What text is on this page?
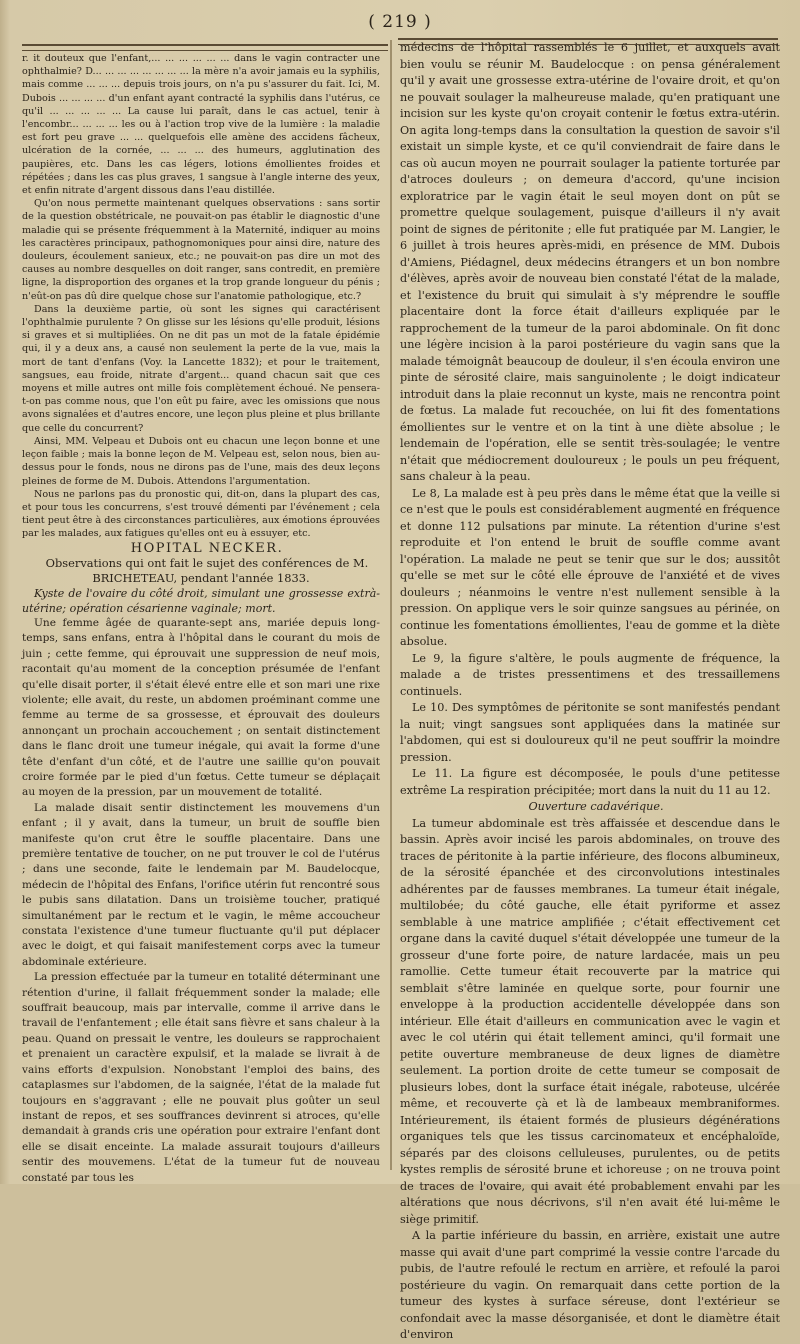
( 219 )

r. it douteux que l'enfant,... ... ... ... ... ... dans le vagin contracter une ophthalmie? D... ... ... ... ... ... ... ... la mère n'a avoir jamais eu la syphilis, mais comme ... ... ... depuis trois jours, on n'a pu s'assurer du fait. Ici, M. Dubois ... ... ... ... d'un enfant ayant contracté la syphilis dans l'utérus, ce qu'il ... ... ... ... ... La cause lui paraît, dans le cas actuel, tenir à l'encombr... ... ... ... les ou à l'action trop vive de la lumière : la maladie est fort peu grave ... ... quelquefois elle amène des accidens fâcheux, ulcération de la cornée, ... ... ... des humeurs, agglutination des paupières, etc. Dans les cas légers, lotions émollientes froides et répétées ; dans les cas plus graves, 1 sangsue à l'angle interne des yeux, et enfin nitrate d'argent dissous dans l'eau distillée.

Qu'on nous permette maintenant quelques observations : sans sortir de la question obstétricale, ne pouvait-on pas établir le diagnostic d'une maladie qui se présente fréquemment à la Maternité, indiquer au moins les caractères principaux, pathognomoniques pour ainsi dire, nature des douleurs, écoulement sanieux, etc.; ne pouvait-on pas dire un mot des causes au nombre desquelles on doit ranger, sans contredit, en première ligne, la disproportion des organes et la trop grande longueur du pénis ; n'eût-on pas dû dire quelque chose sur l'anatomie pathologique, etc.?

Dans la deuxième partie, où sont les signes qui caractérisent l'ophthalmie purulente ? On glisse sur les lésions qu'elle produit, lésions si graves et si multipliées. On ne dit pas un mot de la fatale épidémie qui, il y a deux ans, a causé non seulement la perte de la vue, mais la mort de tant d'enfans (Voy. la Lancette 1832); et pour le traitement, sangsues, eau froide, nitrate d'argent... quand chacun sait que ces moyens et mille autres ont mille fois complètement échoué. Ne pensera-t-on pas comme nous, que l'on eût pu faire, avec les omissions que nous avons signalées et d'autres encore, une leçon plus pleine et plus brillante que celle du concurrent?

Ainsi, MM. Velpeau et Dubois ont eu chacun une leçon bonne et une leçon faible ; mais la bonne leçon de M. Velpeau est, selon nous, bien au-dessus pour le fonds, nous ne dirons pas de l'une, mais des deux leçons pleines de forme de M. Dubois. Attendons l'argumentation.

Nous ne parlons pas du pronostic qui, dit-on, dans la plupart des cas, et pour tous les concurrens, s'est trouvé démenti par l'événement ; cela tient peut être à des circonstances particulières, aux émotions éprouvées par les malades, aux fatigues qu'elles ont eu à essuyer, etc.

HOPITAL NECKER.

Observations qui ont fait le sujet des conférences de M. BRICHETEAU, pendant l'année 1833.

Kyste de l'ovaire du côté droit, simulant une grossesse extrà-utérine; opération césarienne vaginale; mort.

Une femme âgée de quarante-sept ans, mariée depuis long-temps, sans enfans, entra à l'hôpital dans le courant du mois de juin ; cette femme, qui éprouvait une suppression de neuf mois, racontait qu'au moment de la conception présumée de l'enfant qu'elle disait porter, il s'était élevé entre elle et son mari une rixe violente; elle avait, du reste, un abdomen proéminant comme une femme au terme de sa grossesse, et éprouvait des douleurs annonçant un prochain accouchement ; on sentait distinctement dans le flanc droit une tumeur inégale, qui avait la forme d'une tête d'enfant d'un côté, et de l'autre une saillie qu'on pouvait croire formée par le pied d'un fœtus. Cette tumeur se déplaçait au moyen de la pression, par un mouvement de totalité.

La malade disait sentir distinctement les mouvemens d'un enfant ; il y avait, dans la tumeur, un bruit de souffle bien manifeste qu'on crut être le souffle placentaire. Dans une première tentative de toucher, on ne put trouver le col de l'utérus ; dans une seconde, faite le lendemain par M. Baudelocque, médecin de l'hôpital des Enfans, l'orifice utérin fut rencontré sous le pubis sans dilatation. Dans un troisième toucher, pratiqué simultanément par le rectum et le vagin, le même accoucheur constata l'existence d'une tumeur fluctuante qu'il put déplacer avec le doigt, et qui faisait manifestement corps avec la tumeur abdominale extérieure.

La pression effectuée par la tumeur en totalité déterminant une rétention d'urine, il fallait fréquemment sonder la malade; elle souffrait beaucoup, mais par intervalle, comme il arrive dans le travail de l'enfantement ; elle était sans fièvre et sans chaleur à la peau. Quand on pressait le ventre, les douleurs se rapprochaient et prenaient un caractère expulsif, et la malade se livrait à de vains efforts d'expulsion. Nonobstant l'emploi des bains, des cataplasmes sur l'abdomen, de la saignée, l'état de la malade fut toujours en s'aggravant ; elle ne pouvait plus goûter un seul instant de repos, et ses souffrances devinrent si atroces, qu'elle demandait à grands cris une opération pour extraire l'enfant dont elle se disait enceinte. La malade assurait toujours d'ailleurs sentir des mouvemens. L'état de la tumeur fut de nouveau constaté par tous les

médecins de l'hôpital rassemblés le 6 juillet, et auxquels avait bien voulu se réunir M. Baudelocque : on pensa généralement qu'il y avait une grossesse extra-utérine de l'ovaire droit, et qu'on ne pouvait soulager la malheureuse malade, qu'en pratiquant une incision sur les kyste qu'on croyait contenir le fœtus extra-utérin. On agita long-temps dans la consultation la question de savoir s'il existait un simple kyste, et ce qu'il conviendrait de faire dans le cas où aucun moyen ne pourrait soulager la patiente torturée par d'atroces douleurs ; on demeura d'accord, qu'une incision exploratrice par le vagin était le seul moyen dont on pût se promettre quelque soulagement, puisque d'ailleurs il n'y avait point de signes de péritonite ; elle fut pratiquée par M. Langier, le 6 juillet à trois heures après-midi, en présence de MM. Dubois d'Amiens, Piédagnel, deux médecins étrangers et un bon nombre d'élèves, après avoir de nouveau bien constaté l'état de la malade, et l'existence du bruit qui simulait à s'y méprendre le souffle placentaire dont la force était d'ailleurs expliquée par le rapprochement de la tumeur de la paroi abdominale. On fit donc une légère incision à la paroi postérieure du vagin sans que la malade témoignât beaucoup de douleur, il s'en écoula environ une pinte de sérosité claire, mais sanguinolente ; le doigt indicateur introduit dans la plaie reconnut un kyste, mais ne rencontra point de fœtus. La malade fut recouchée, on lui fit des fomentations émollientes sur le ventre et on la tint à une diète absolue ; le lendemain de l'opération, elle se sentit très-soulagée; le ventre n'était que médiocrement douloureux ; le pouls un peu fréquent, sans chaleur à la peau.

Le 8, La malade est à peu près dans le même état que la veille si ce n'est que le pouls est considérablement augmenté en fréquence et donne 112 pulsations par minute. La rétention d'urine s'est reproduite et l'on entend le bruit de souffle comme avant l'opération. La malade ne peut se tenir que sur le dos; aussitôt qu'elle se met sur le côté elle éprouve de l'anxiété et de vives douleurs ; néanmoins le ventre n'est nullement sensible à la pression. On applique vers le soir quinze sangsues au périnée, on continue les fomentations émollientes, l'eau de gomme et la diète absolue.

Le 9, la figure s'altère, le pouls augmente de fréquence, la malade a de tristes pressentimens et des tressaillemens continuels.

Le 10. Des symptômes de péritonite se sont manifestés pendant la nuit; vingt sangsues sont appliquées dans la matinée sur l'abdomen, qui est si douloureux qu'il ne peut souffrir la moindre pression.

Le 11. La figure est décomposée, le pouls d'une petitesse extrême La respiration précipitée; mort dans la nuit du 11 au 12.

Ouverture cadavérique.

La tumeur abdominale est très affaissée et descendue dans le bassin. Après avoir incisé les parois abdominales, on trouve des traces de péritonite à la partie inférieure, des flocons albumineux, de la sérosité épanchée et des circonvolutions intestinales adhérentes par de fausses membranes. La tumeur était inégale, multilobée; du côté gauche, elle était pyriforme et assez semblable à une matrice amplifiée ; c'était effectivement cet organe dans la cavité duquel s'était développée une tumeur de la grosseur d'une forte poire, de nature lardacée, mais un peu ramollie. Cette tumeur était recouverte par la matrice qui semblait s'être laminée en quelque sorte, pour fournir une enveloppe à la production accidentelle développée dans son intérieur. Elle était d'ailleurs en communication avec le vagin et avec le col utérin qui était tellement aminci, qu'il formait une petite ouverture membraneuse de deux lignes de diamètre seulement. La portion droite de cette tumeur se composait de plusieurs lobes, dont la surface était inégale, raboteuse, ulcérée même, et recouverte çà et là de lambeaux membraniformes. Intérieurement, ils étaient formés de plusieurs dégénérations organiques tels que les tissus carcinomateux et encéphaloïde, séparés par des cloisons celluleuses, purulentes, ou de petits kystes remplis de sérosité brune et ichoreuse ; on ne trouva point de traces de l'ovaire, qui avait été probablement envahi par les altérations que nous décrivons, s'il n'en avait été lui-même le siège primitif.

A la partie inférieure du bassin, en arrière, existait une autre masse qui avait d'une part comprimé la vessie contre l'arcade du pubis, de l'autre refoulé le rectum en arrière, et refoulé la paroi postérieure du vagin. On remarquait dans cette portion de la tumeur des kystes à surface séreuse, dont l'extérieur se confondait avec la masse désorganisée, et dont le diamètre était d'environ
